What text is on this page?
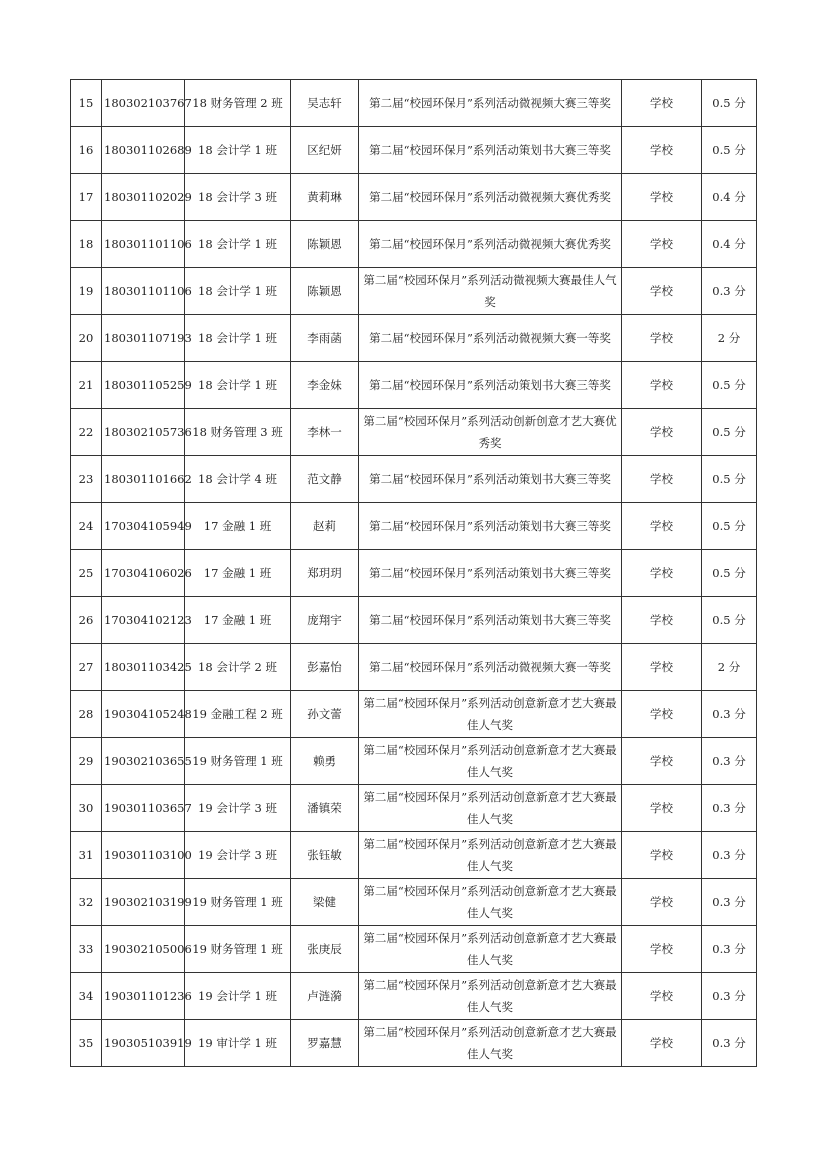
15	180302103767	18 财务管理 2 班	吴志轩	第二届“校园环保月”系列活动微视频大赛三等奖	学校	0.5 分
16	180301102689	18 会计学 1 班	区纪妍	第二届“校园环保月”系列活动策划书大赛三等奖	学校	0.5 分
17	180301102029	18 会计学 3 班	黄莉琳	第二届“校园环保月”系列活动微视频大赛优秀奖	学校	0.4 分
18	180301101106	18 会计学 1 班	陈颖恩	第二届“校园环保月”系列活动微视频大赛优秀奖	学校	0.4 分
19	180301101106	18 会计学 1 班	陈颖恩	第二届“校园环保月”系列活动微视频大赛最佳人气奖	学校	0.3 分
20	180301107193	18 会计学 1 班	李雨菡	第二届“校园环保月”系列活动微视频大赛一等奖	学校	2 分
21	180301105259	18 会计学 1 班	李金妹	第二届“校园环保月”系列活动策划书大赛三等奖	学校	0.5 分
22	180302105736	18 财务管理 3 班	李林一	第二届“校园环保月”系列活动创新创意才艺大赛优秀奖	学校	0.5 分
23	180301101662	18 会计学 4 班	范文静	第二届“校园环保月”系列活动策划书大赛三等奖	学校	0.5 分
24	170304105949	17 金融 1 班	赵莉	第二届“校园环保月”系列活动策划书大赛三等奖	学校	0.5 分
25	170304106026	17 金融 1 班	郑玥玥	第二届“校园环保月”系列活动策划书大赛三等奖	学校	0.5 分
26	170304102123	17 金融 1 班	庞翔宇	第二届“校园环保月”系列活动策划书大赛三等奖	学校	0.5 分
27	180301103425	18 会计学 2 班	彭嘉怡	第二届“校园环保月”系列活动微视频大赛一等奖	学校	2 分
28	190304105248	19 金融工程 2 班	孙文蕾	第二届“校园环保月”系列活动创意新意才艺大赛最佳人气奖	学校	0.3 分
29	190302103655	19 财务管理 1 班	赖勇	第二届“校园环保月”系列活动创意新意才艺大赛最佳人气奖	学校	0.3 分
30	190301103657	19 会计学 3 班	潘镇荣	第二届“校园环保月”系列活动创意新意才艺大赛最佳人气奖	学校	0.3 分
31	190301103100	19 会计学 3 班	张钰敏	第二届“校园环保月”系列活动创意新意才艺大赛最佳人气奖	学校	0.3 分
32	190302103199	19 财务管理 1 班	梁健	第二届“校园环保月”系列活动创意新意才艺大赛最佳人气奖	学校	0.3 分
33	190302105006	19 财务管理 1 班	张庚辰	第二届“校园环保月”系列活动创意新意才艺大赛最佳人气奖	学校	0.3 分
34	190301101236	19 会计学 1 班	卢涟漪	第二届“校园环保月”系列活动创意新意才艺大赛最佳人气奖	学校	0.3 分
35	190305103919	19 审计学 1 班	罗嘉慧	第二届“校园环保月”系列活动创意新意才艺大赛最佳人气奖	学校	0.3 分
